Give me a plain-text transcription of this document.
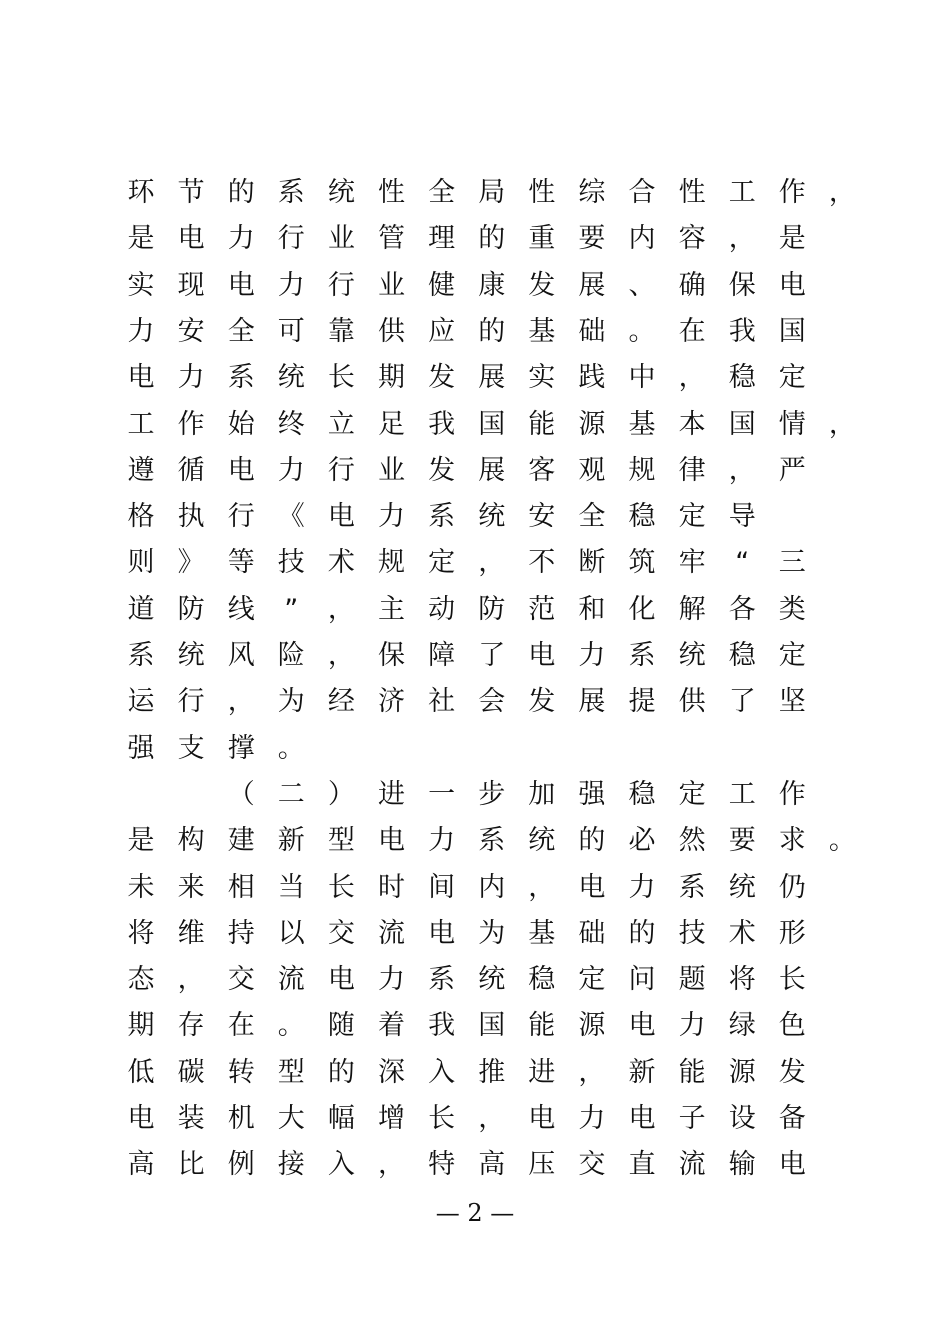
环 节 的 系 统 性 全 局 性 综 合 性 工 作 ，
是 电 力 行 业 管 理 的 重 要 内 容 ， 是
实 现 电 力 行 业 健 康 发 展 、 确 保 电
力 安 全 可 靠 供 应 的 基 础 。 在 我 国
电 力 系 统 长 期 发 展 实 践 中 ， 稳 定
工 作 始 终 立 足 我 国 能 源 基 本 国 情 ，
遵 循 电 力 行 业 发 展 客 观 规 律 ， 严
格 执 行 《 电 力 系 统 安 全 稳 定 导
则 》 等 技 术 规 定 ， 不 断 筑 牢	“	三
道 防 线	”	， 主 动 防 范 和 化 解 各 类
系 统 风 险 ， 保 障 了 电 力 系 统 稳 定
运 行 ， 为 经 济 社 会 发 展 提 供 了 坚
强 支 撑 。
（ 二 ） 进 一 步 加 强 稳 定 工 作
是 构 建 新 型 电 力 系 统 的 必 然 要 求 。
未 来 相 当 长 时 间 内 ， 电 力 系 统 仍
将 维 持 以 交 流 电 为 基 础 的 技 术 形
态 ， 交 流 电 力 系 统 稳 定 问 题 将 长
期 存 在 。 随 着 我 国 能 源 电 力 绿 色
低 碳 转 型 的 深 入 推 进 ， 新 能 源 发
电 装 机 大 幅 增 长 ， 电 力 电 子 设 备
高 比 例 接 入 ， 特 高 压 交 直 流 输 电
— 2 —
